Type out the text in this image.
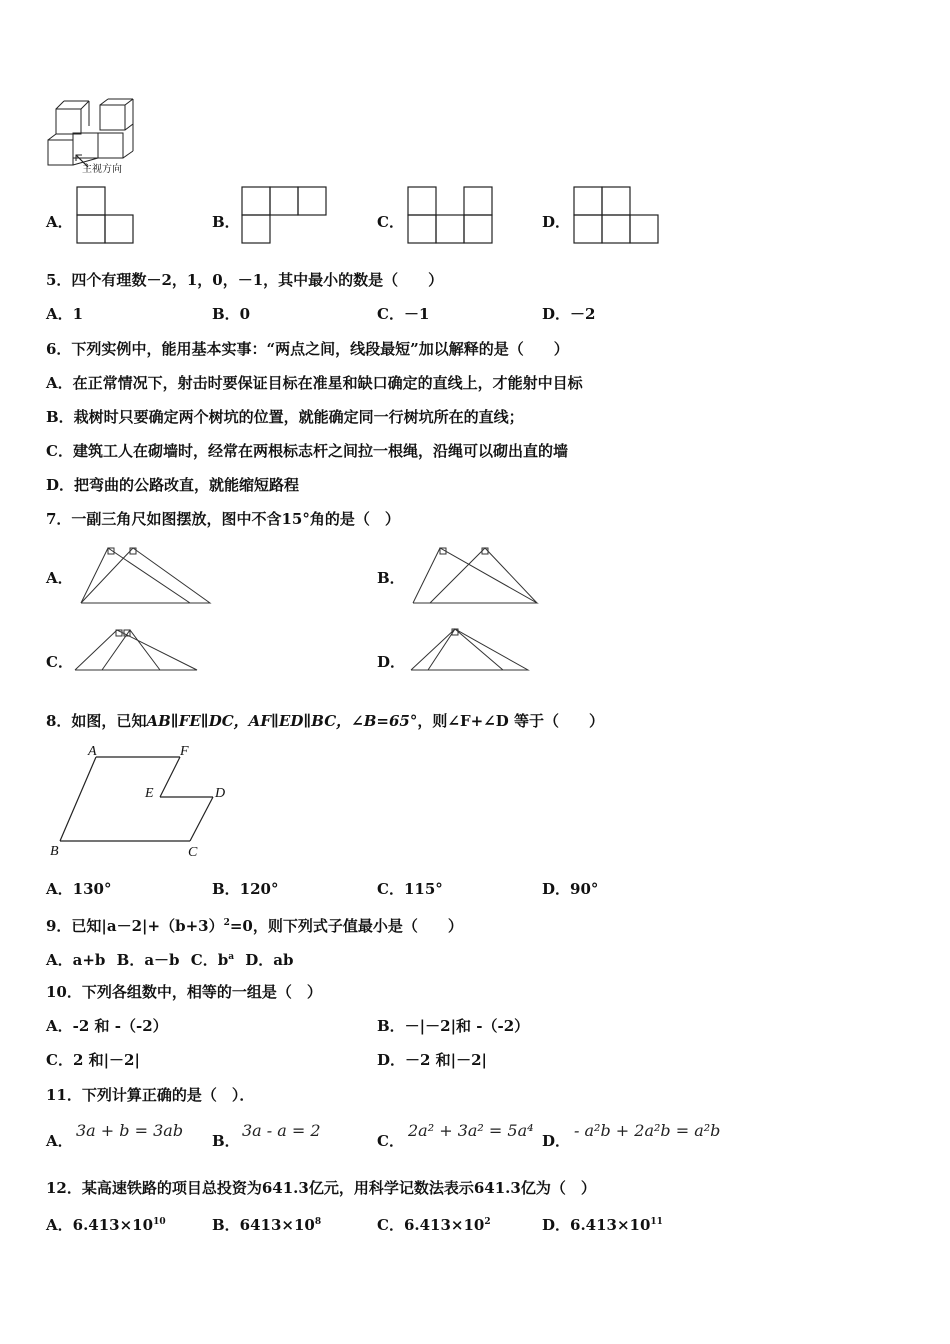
主视方向
A．	B．	C．	D．
5．四个有理数－2，1，0，－1，其中最小的数是（　　）
A．1	B．0	C．－1	D．－2
6．下列实例中，能用基本实事：“两点之间，线段最短”加以解释的是（　　）
A．在正常情况下，射击时要保证目标在准星和缺口确定的直线上，才能射中目标
B．栽树时只要确定两个树坑的位置，就能确定同一行树坑所在的直线；
C．建筑工人在砌墙时，经常在两根标志杆之间拉一根绳，沿绳可以砌出直的墙
D．把弯曲的公路改直，就能缩短路程
7．一副三角尺如图摆放，图中不含15°角的是（　）
A．	B．
C．	D．
8．如图，已知AB∥FE∥DC，AF∥ED∥BC，∠B=65°，则∠F+∠D 等于（　　）
A	F
E	D
B	C
A．130°	B．120°	C．115°	D．90°
9．已知$|a-2|+(b+3)^2=0$，则下列式子值最小是（　　）
A．a+b B．a－b C．$b^a$ D．ab
10．下列各组数中，相等的一组是（　）
A．-2 和 -（-2）	B．－|－2|和 -（-2）
C．2 和|－2|	D．－2 和|－2|
11．下列计算正确的是（　）．
A．
3a + b = 3ab
B．
3a - a = 2
C．
2a² + 3a² = 5a⁴
D．
- a²b + 2a²b = a²b
12．某高速铁路的项目总投资为641.3亿元，用科学记数法表示641.3亿为（　）
A．$6.413\times 10^{10}$	B．$6413\times 10^8$	C．$6.413\times 10^2$	D．$6.413\times 10^{11}$
